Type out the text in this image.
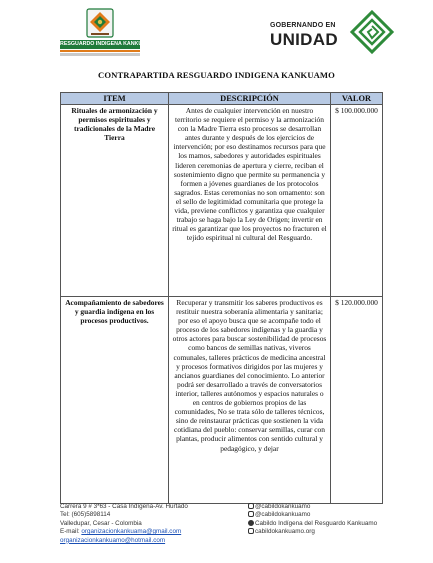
RESGUARDO INDIGENA KANKUAMO
GOBERNANDO EN
UNIDAD
CONTRAPARTIDA RESGUARDO INDIGENA KANKUAMO
ITEM	DESCRIPCIÓN	VALOR
Rituales de armonización y permisos espirituales y tradicionales de la Madre Tierra	Antes de cualquier intervención en nuestro territorio se requiere el permiso y la armonización con la Madre Tierra esto procesos se desarrollan antes durante y después de los ejercicios de intervención; por eso destinamos recursos para que los mamos, sabedores y autoridades espirituales lideren ceremonias de apertura y cierre, reciban el sostenimiento digno que permite su permanencia y formen a jóvenes guardianes de los protocolos sagrados. Estas ceremonias no son ornamento: son el sello de legitimidad comunitaria que protege la vida, previene conflictos y garantiza que cualquier trabajo se haga bajo la Ley de Origen; invertir en ritual es garantizar que los proyectos no fracturen el tejido espiritual ni cultural del Resguardo.	$ 100.000.000
Acompañamiento de sabedores y guardia indígena en los procesos productivos.	Recuperar y transmitir los saberes productivos es restituir nuestra soberanía alimentaria y sanitaria; por eso el apoyo busca que se acompañe todo el proceso de los sabedores indígenas y la guardia y otros actores para buscar sostenibilidad de procesos como bancos de semillas nativas, viveros comunales, talleres prácticos de medicina ancestral y procesos formativos dirigidos por las mujeres y ancianos guardianes del conocimiento. Lo anterior podrá ser desarrollado a través de conversatorios interior, talleres autónomos y espacios naturales o en centros de gobiernos propios de las comunidades, No se trata sólo de talleres técnicos, sino de reinstaurar prácticas que sostienen la vida cotidiana del pueblo: conservar semillas, curar con plantas, producir alimentos con sentido cultural y pedagógico, y dejar	$ 120.000.000
Carrera 9 # 3*63 - Casa Indígena-Av. Hurtado
Tel: (605)5898114
Valledupar, Cesar - Colombia
E-mail: organizacionkankuama@gmail.com
organizacionkankuamo@hotmail.com
@cabildokankuamo
@cabildokankuamo
Cabildo Indígena del Resguardo Kankuamo
cabildokankuamo.org
